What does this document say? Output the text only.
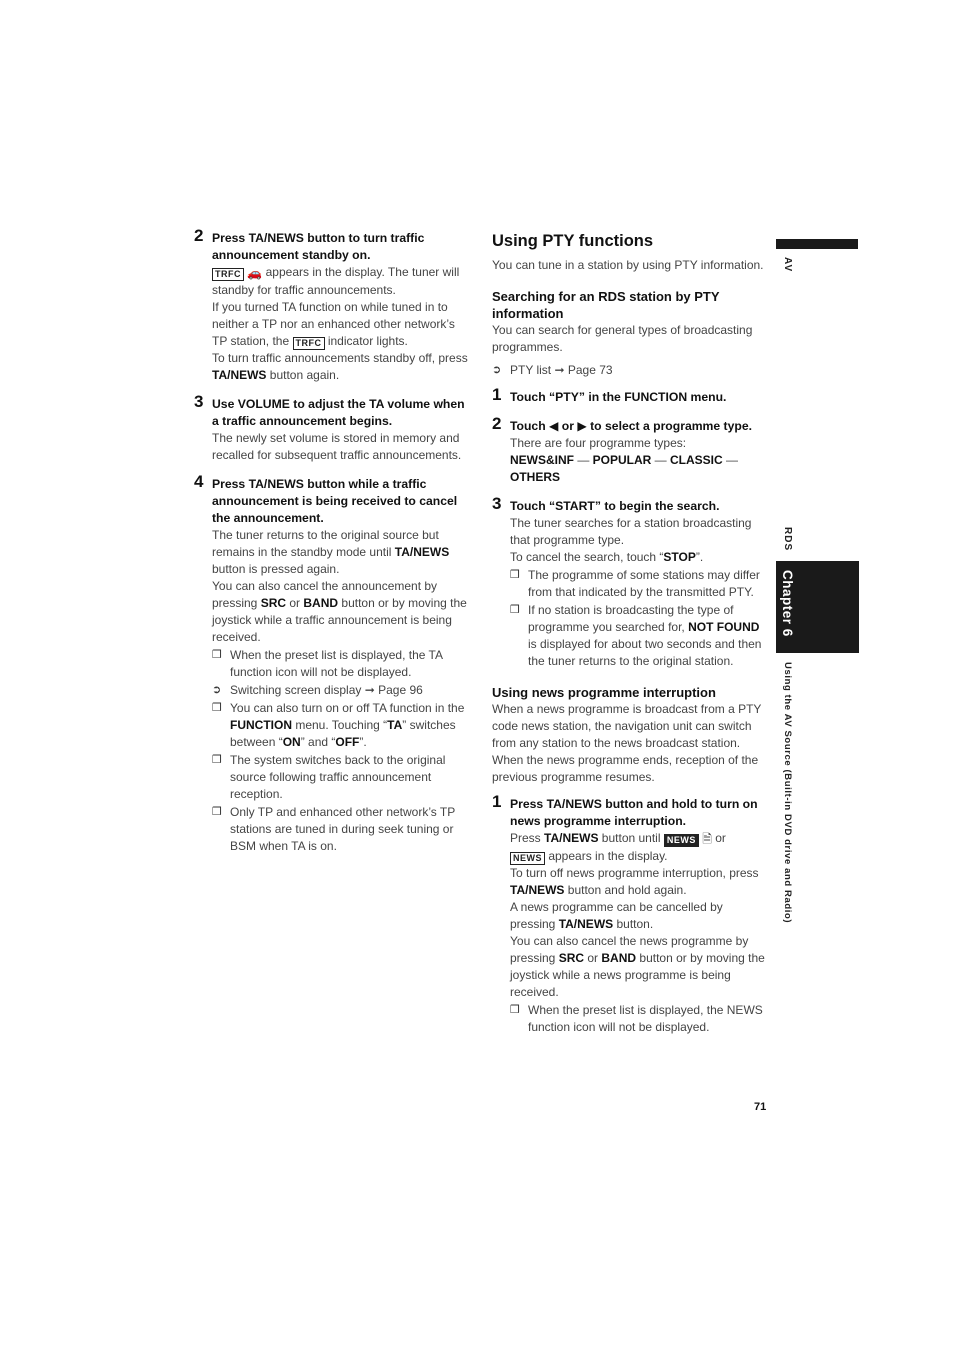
2 Press TA/NEWS button to turn traffic announcement standby on.
TRFC 🚗 appears in the display. The tuner will standby for traffic announcements.
If you turned TA function on while tuned in to neither a TP nor an enhanced other network’s TP station, the TRFC indicator lights.
To turn traffic announcements standby off, press TA/NEWS button again.
3 Use VOLUME to adjust the TA volume when a traffic announcement begins.
The newly set volume is stored in memory and recalled for subsequent traffic announcements.
4 Press TA/NEWS button while a traffic announcement is being received to cancel the announcement.
The tuner returns to the original source but remains in the standby mode until TA/NEWS button is pressed again.
You can also cancel the announcement by pressing SRC or BAND button or by moving the joystick while a traffic announcement is being received.
❒ When the preset list is displayed, the TA function icon will not be displayed.
➲ Switching screen display ➞ Page 96
❒ You can also turn on or off TA function in the FUNCTION menu. Touching “TA” switches between “ON” and “OFF”.
❒ The system switches back to the original source following traffic announcement reception.
❒ Only TP and enhanced other network’s TP stations are tuned in during seek tuning or BSM when TA is on.
Using PTY functions
You can tune in a station by using PTY information.
Searching for an RDS station by PTY information
You can search for general types of broadcasting programmes.
➲ PTY list ➞ Page 73
1 Touch “PTY” in the FUNCTION menu.
2 Touch ◀ or ▶ to select a programme type.
There are four programme types:
NEWS&INF — POPULAR — CLASSIC — OTHERS
3 Touch “START” to begin the search.
The tuner searches for a station broadcasting that programme type.
To cancel the search, touch “STOP”.
❒ The programme of some stations may differ from that indicated by the transmitted PTY.
❒ If no station is broadcasting the type of programme you searched for, NOT FOUND is displayed for about two seconds and then the tuner returns to the original station.
Using news programme interruption
When a news programme is broadcast from a PTY code news station, the navigation unit can switch from any station to the news broadcast station. When the news programme ends, reception of the previous programme resumes.
1 Press TA/NEWS button and hold to turn on news programme interruption.
Press TA/NEWS button until NEWS 🗎 or
NEWS appears in the display.
To turn off news programme interruption, press TA/NEWS button and hold again.
A news programme can be cancelled by pressing TA/NEWS button.
You can also cancel the news programme by pressing SRC or BAND button or by moving the joystick while a news programme is being received.
❒ When the preset list is displayed, the NEWS function icon will not be displayed.
AV
RDS
Chapter 6
Using the AV Source (Built-in DVD drive and Radio)
71
